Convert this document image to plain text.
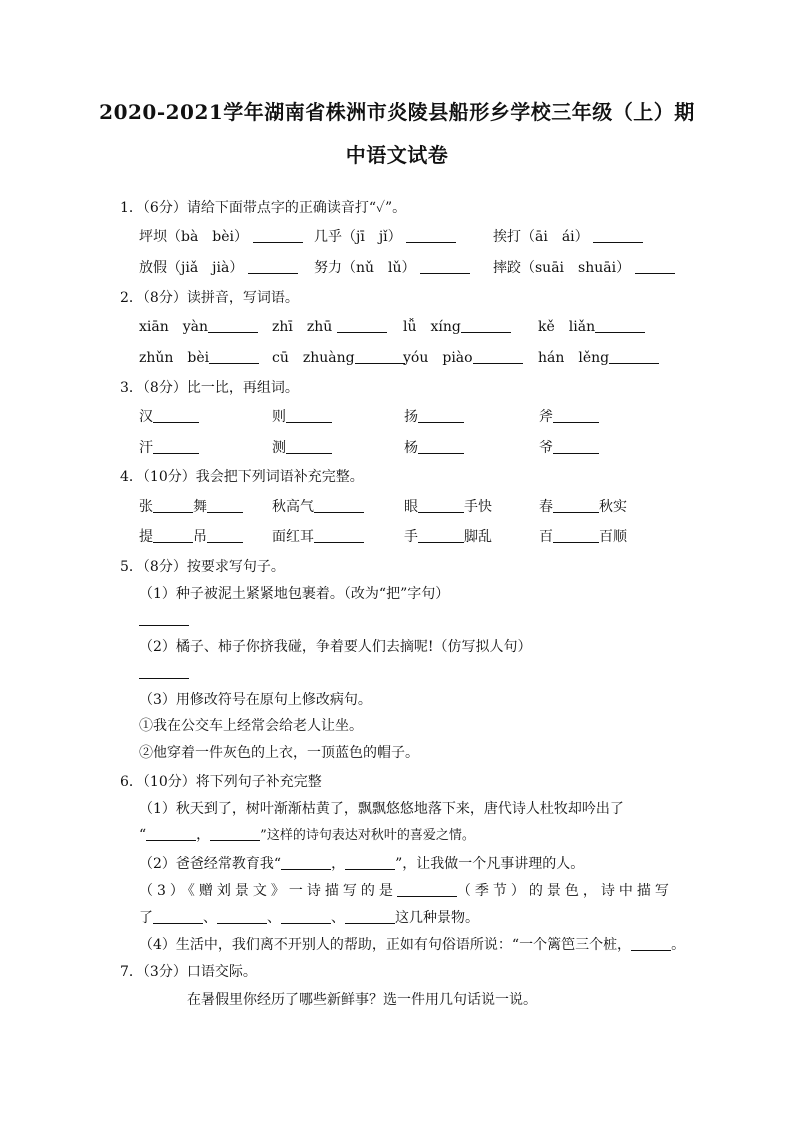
2020-2021学年湖南省株洲市炎陵县船形乡学校三年级（上）期
中语文试卷
1．（6分）请给下面带点字的正确读音打“✓”。
坪坝（bà　bèi）	几乎（jī　jǐ）	挨打（āi　ái）
放假（jiǎ　jià）	努力（nǔ　lǔ）	摔跤（suāi　shuāi）
2．（8分）读拼音，写词语。
xiān　yàn	zhī　zhū	lǚ　xíng	kě　liǎn
zhǔn　bèi	cū　zhuàng	yóu　piào	hán　lěng
3．（8分）比一比，再组词。
汉	则	扬	斧
汗	测	杨	爷
4．（10分）我会把下列词语补充完整。
张	舞	秋高气	眼	手快	春	秋实
提	吊	面红耳	手	脚乱	百	百顺
5．（8分）按要求写句子。
（1）种子被泥土紧紧地包裹着。（改为“把”字句）
（2）橘子、柿子你挤我碰，争着要人们去摘呢!（仿写拟人句）
（3）用修改符号在原句上修改病句。
①我在公交车上经常会给老人让坐。
②他穿着一件灰色的上衣，一顶蓝色的帽子。
6．（10分）将下列句子补充完整
（1）秋天到了，树叶渐渐枯黄了，飘飘悠悠地落下来，唐代诗人杜牧却吟出了
“	，	”这样的诗句表达对秋叶的喜爱之情。
（2）爸爸经常教育我“	，	”，让我做一个凡事讲理的人。
（3）《赠刘景文》一诗描写的是	（季节）的景色，诗中描写
了	、	、	、	这几种景物。
（4）生活中，我们离不开别人的帮助，正如有句俗语所说：“一个篱笆三个桩，	。
7．（3分）口语交际。
在暑假里你经历了哪些新鲜事？选一件用几句话说一说。
